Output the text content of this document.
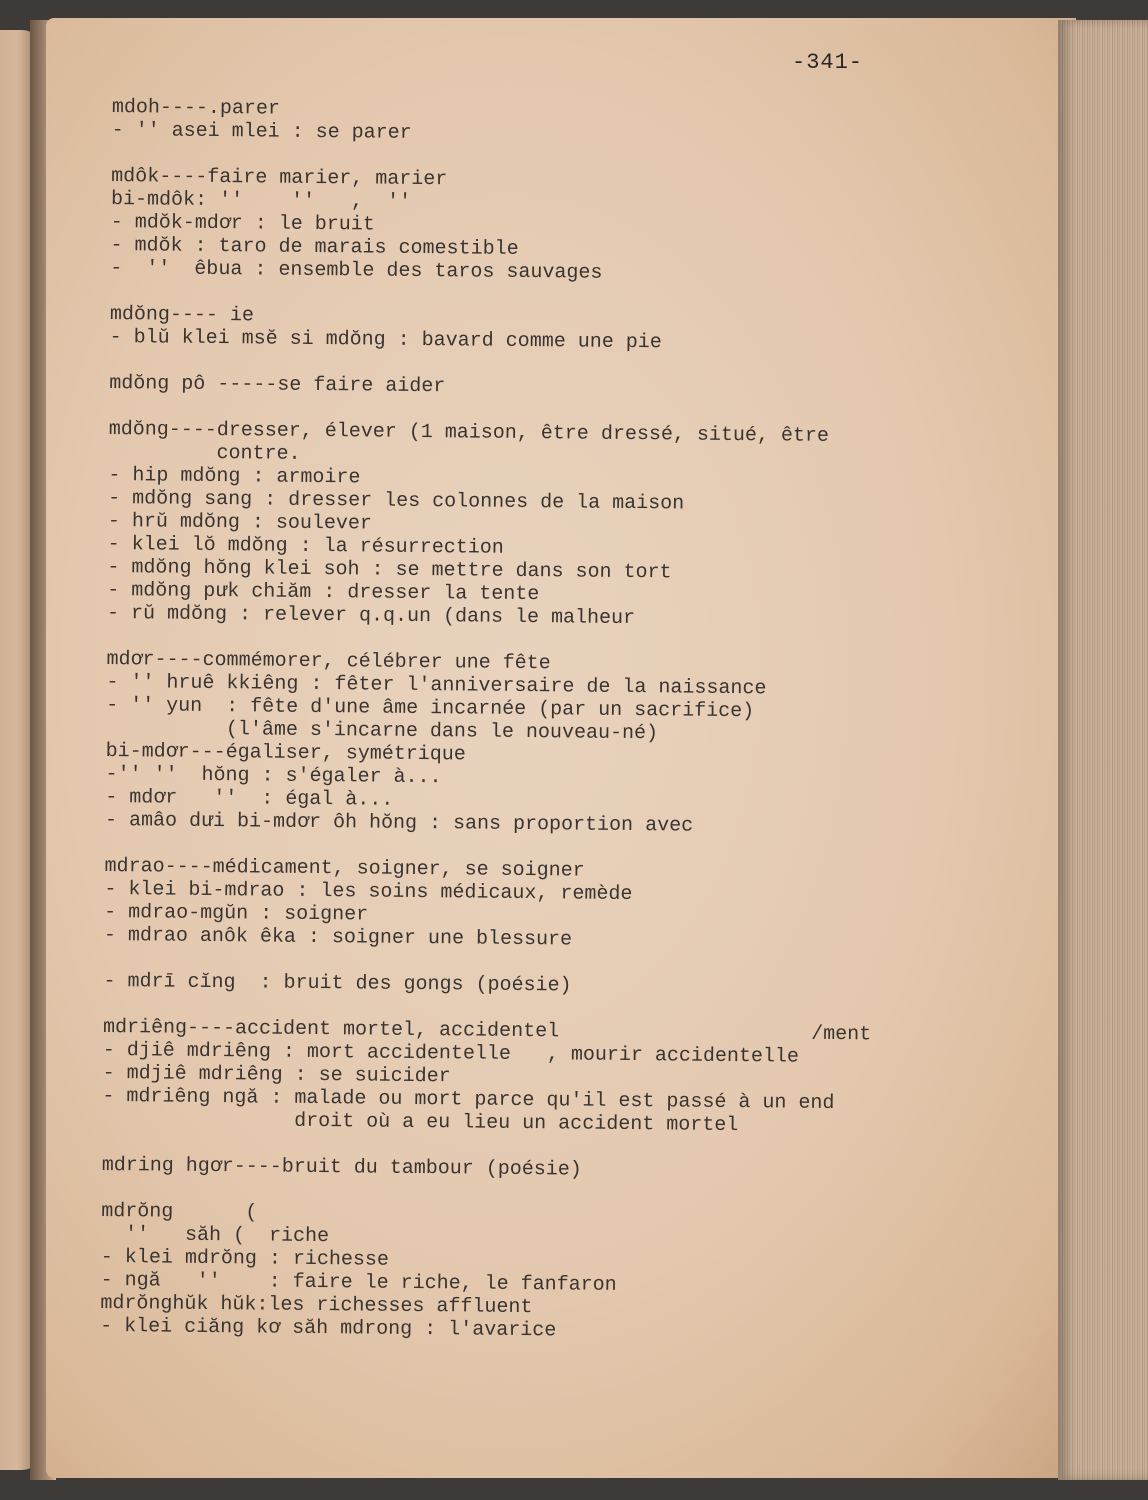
-341-
mdoh----.parer
- '' asei mlei : se parer
mdôk----faire marier, marier
bi-mdôk: ''    ''   ,  ''
- mdŏk-mdơr : le bruit
- mdŏk : taro de marais comestible
-  ''  êbua : ensemble des taros sauvages
mdŏng---- ie
- blŭ klei msĕ si mdŏng : bavard comme une pie
mdŏng pô -----se faire aider
mdŏng----dresser, élever (1 maison, être dressé, situé, être
contre.
- hip mdŏng : armoire
- mdŏng sang : dresser les colonnes de la maison
- hrŭ mdŏng : soulever
- klei lŏ mdŏng : la résurrection
- mdŏng hŏng klei soh : se mettre dans son tort
- mdŏng pưk chiăm : dresser la tente
- rŭ mdŏng : relever q.q.un (dans le malheur
mdơr----commémorer, célébrer une fête
- '' hruê kkiêng : fêter l'anniversaire de la naissance
- '' yun  : fête d'une âme incarnée (par un sacrifice)
(l'âme s'incarne dans le nouveau-né)
bi-mdơr---égaliser, symétrique
-'' ''  hŏng : s'égaler à...
- mdơr   ''  : égal à...
- amâo dưi bi-mdơr ôh hŏng : sans proportion avec
mdrao----médicament, soigner, se soigner
- klei bi-mdrao : les soins médicaux, remède
- mdrao-mgŭn : soigner
- mdrao anôk êka : soigner une blessure
- mdrī cĭng  : bruit des gongs (poésie)
mdriêng----accident mortel, accidentel                     /ment
- djiê mdriêng : mort accidentelle   , mourir accidentelle
- mdjiê mdriêng : se suicider
- mdriêng ngă : malade ou mort parce qu'il est passé à un end
droit où a eu lieu un accident mortel
mdring hgơr----bruit du tambour (poésie)
mdrŏng      (
''   săh (  riche
- klei mdrŏng : richesse
- ngă   ''    : faire le riche, le fanfaron
mdrŏnghŭk hŭk:les richesses affluent
- klei ciăng kơ săh mdrong : l'avarice
